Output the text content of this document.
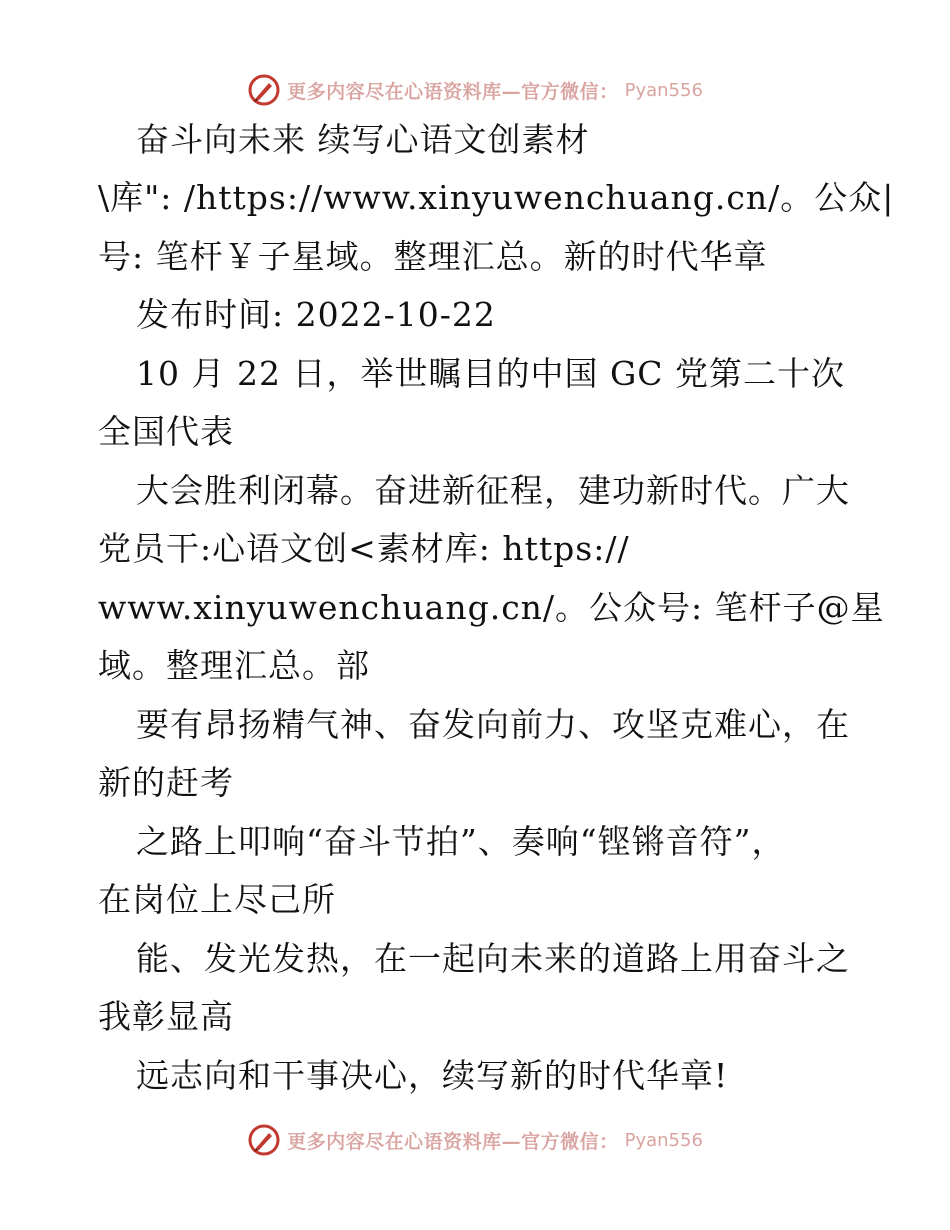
更多内容尽在心语资料库—官方微信： Pyan556
奋斗向未来 续写心语文创素材
\库": /https://www.xinyuwenchuang.cn/。公众|
号: 笔杆￥子星域。整理汇总。新的时代华章
发布时间: 2022-10-22
10 月 22 日，举世瞩目的中国 GC 党第二十次
全国代表
大会胜利闭幕。奋进新征程，建功新时代。广大
党员干:心语文创<素材库: https://
www.xinyuwenchuang.cn/。公众号: 笔杆子@星
域。整理汇总。部
要有昂扬精气神、奋发向前力、攻坚克难心，在
新的赶考
之路上叩响“奋斗节拍”、奏响“铿锵音符”，
在岗位上尽己所
能、发光发热，在一起向未来的道路上用奋斗之
我彰显高
远志向和干事决心，续写新的时代华章!
更多内容尽在心语资料库—官方微信： Pyan556
